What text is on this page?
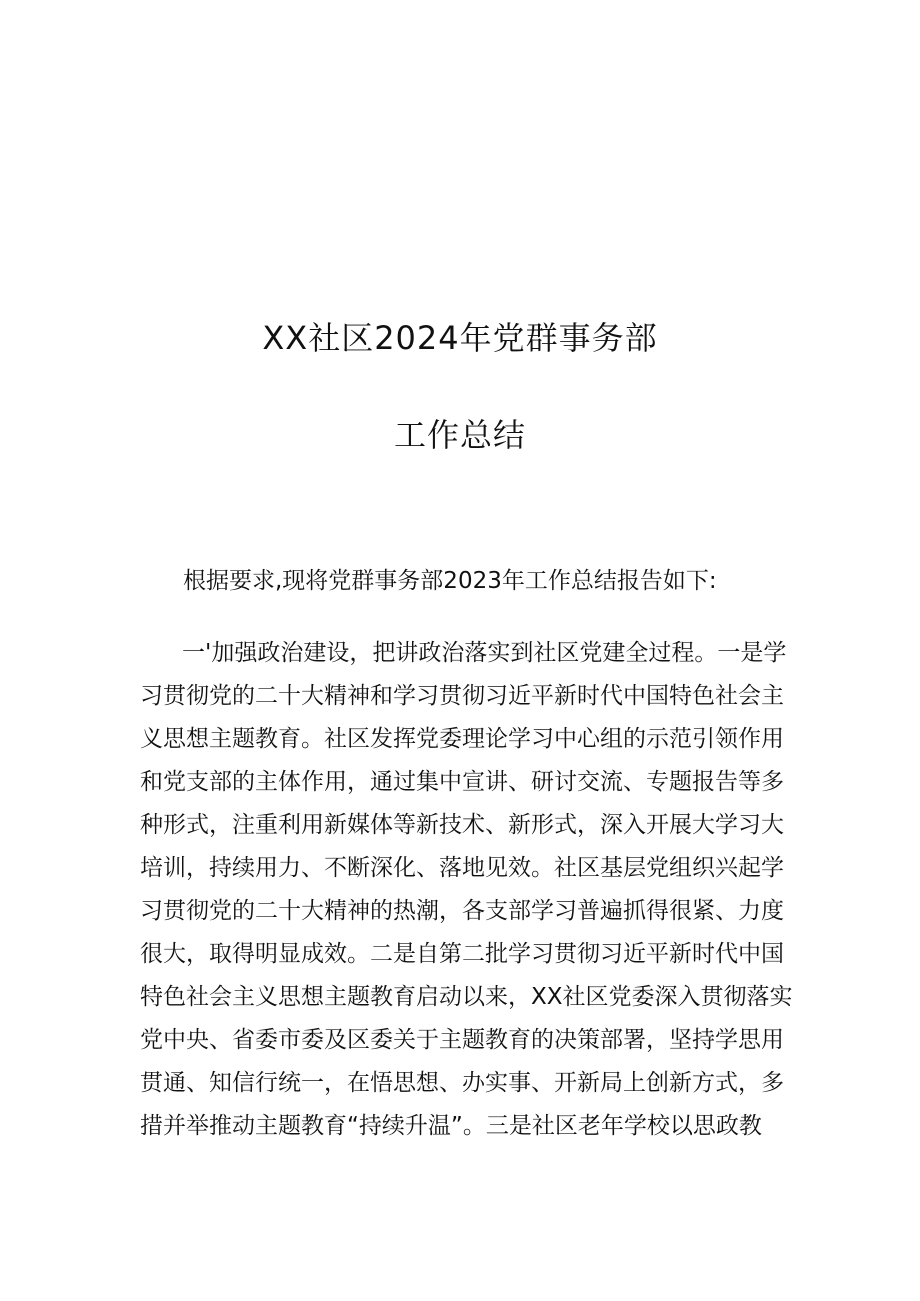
XX社区2024年党群事务部
工作总结
根据要求,现将党群事务部2023年工作总结报告如下:
一'加强政治建设，把讲政治落实到社区党建全过程。一是学
习贯彻党的二十大精神和学习贯彻习近平新时代中国特色社会主
义思想主题教育。社区发挥党委理论学习中心组的示范引领作用
和党支部的主体作用，通过集中宣讲、研讨交流、专题报告等多
种形式，注重利用新媒体等新技术、新形式，深入开展大学习大
培训，持续用力、不断深化、落地见效。社区基层党组织兴起学
习贯彻党的二十大精神的热潮，各支部学习普遍抓得很紧、力度
很大，取得明显成效。二是自第二批学习贯彻习近平新时代中国
特色社会主义思想主题教育启动以来，XX社区党委深入贯彻落实
党中央、省委市委及区委关于主题教育的决策部署，坚持学思用
贯通、知信行统一，在悟思想、办实事、开新局上创新方式，多
措并举推动主题教育“持续升温”。三是社区老年学校以思政教
